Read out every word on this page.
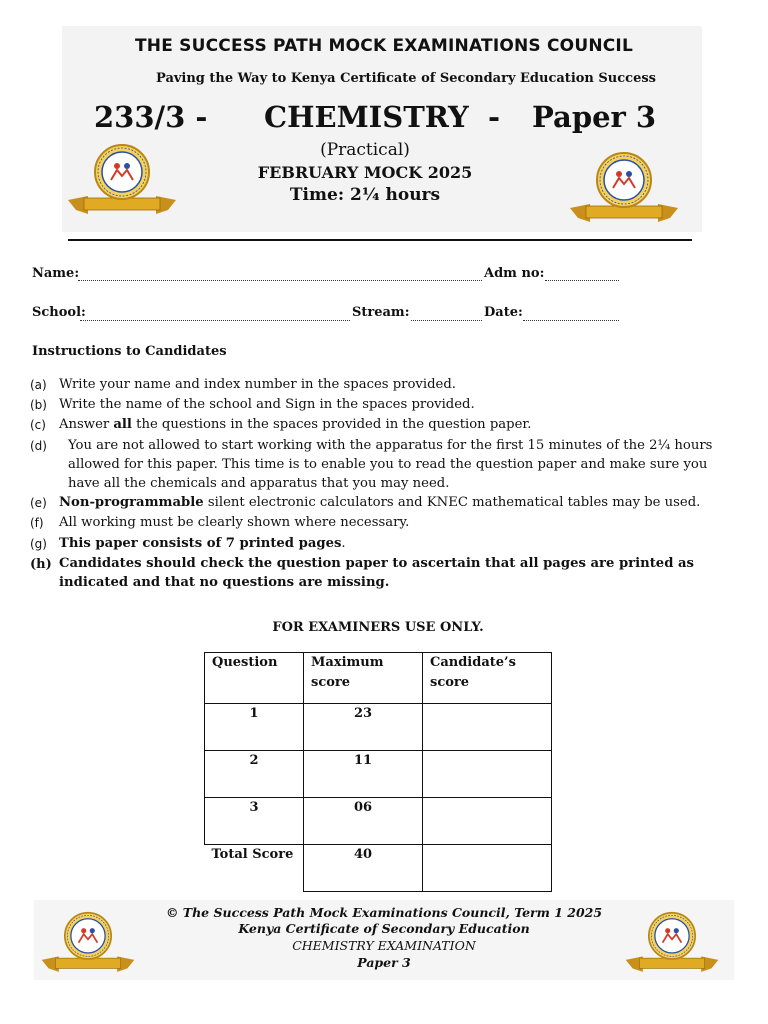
THE SUCCESS PATH MOCK EXAMINATIONS COUNCIL
Paving the Way to Kenya Certificate of Secondary Education Success
233/3 - CHEMISTRY - Paper 3
(Practical)
FEBRUARY MOCK 2025
Time: 2¼ hours
Name:	Adm no:
School:	Stream:	Date:
Instructions to Candidates
(a) Write your name and index number in the spaces provided.
(b) Write the name of the school and Sign in the spaces provided.
(c) Answer all the questions in the spaces provided in the question paper.
(d)	You are not allowed to start working with the apparatus for the first 15 minutes of the 2¼ hours allowed for this paper. This time is to enable you to read the question paper and make sure you have all the chemicals and apparatus that you may need.
(e) Non-programmable silent electronic calculators and KNEC mathematical tables may be used.
(f)	All working must be clearly shown where necessary.
(g) This paper consists of 7 printed pages.
(h) Candidates should check the question paper to ascertain that all pages are printed as indicated and that no questions are missing.
FOR EXAMINERS USE ONLY.
Question	Maximum score	Candidate’s score

1	23	

2	11	

3	06	

Total Score	40	

© The Success Path Mock Examinations Council, Term 1 2025
Kenya Certificate of Secondary Education
CHEMISTRY EXAMINATION
Paper 3
